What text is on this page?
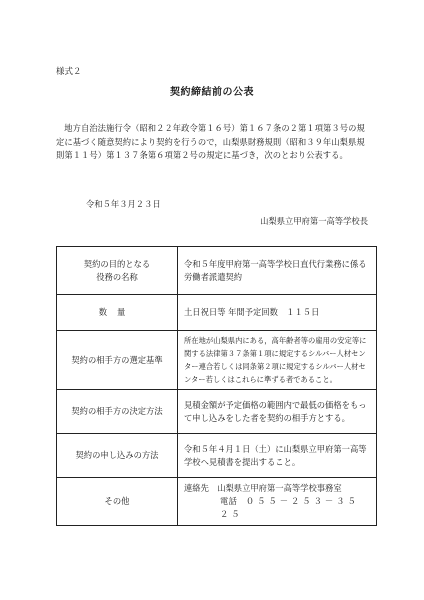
様式２
契約締結前の公表
地方自治法施行令（昭和２２年政令第１６号）第１６７条の２第１項第３号の規定に基づく随意契約により契約を行うので，山梨県財務規則（昭和３９年山梨県規則第１１号）第１３７条第６項第２号の規定に基づき，次のとおり公表する。
令和５年３月２３日
山梨県立甲府第一高等学校長
契約の目的となる
役務の名称	令和５年度甲府第一高等学校日直代行業務に係る労働者派遣契約
数量	土日祝日等 年間予定回数　１１５日
契約の相手方の選定基準	所在地が山梨県内にある，高年齢者等の雇用の安定等に関する法律第３７条第１項に規定するシルバー人材センター連合若しくは同条第２項に規定するシルバー人材センター若しくはこれらに準ずる者であること。
契約の相手方の決定方法	見積金額が予定価格の範囲内で最低の価格をもって申し込みをした者を契約の相手方とする。
契約の申し込みの方法	令和５年４月１日（土）に山梨県立甲府第一高等学校へ見積書を提出すること。
その他	連絡先　山梨県立甲府第一高等学校事務室
電話　 ０５５－２５３－３５２５
